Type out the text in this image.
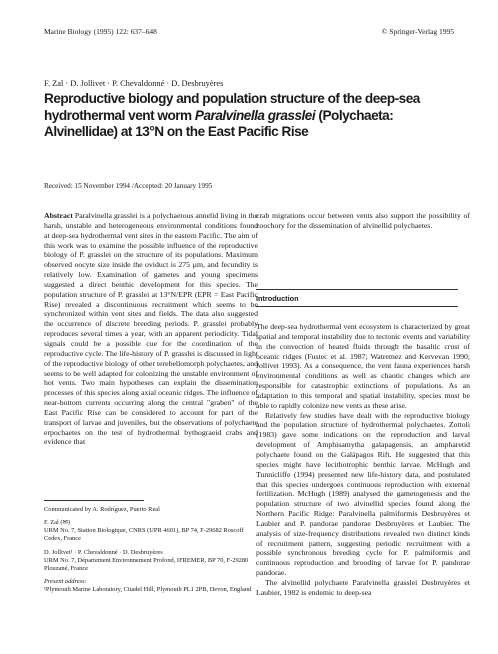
Marine Biology (1995) 122: 637–648	© Springer-Verlag 1995
F. Zal · D. Jollivet · P. Chevaldonné · D. Desbruyères
Reproductive biology and population structure of the deep-sea hydrothermal vent worm Paralvinella grasslei (Polychaeta: Alvinellidae) at 13°N on the East Pacific Rise
Received: 15 November 1994 /Accepted: 20 January 1995

Abstract Paralvinella grasslei is a polychaetous annelid living in the harsh, unstable and heterogeneous environmental conditions found at deep-sea hydrothermal vent sites in the eastern Pacific. The aim of this work was to examine the possible influence of the reproductive biology of P. grasslei on the structure of its populations. Maximum observed oocyte size inside the oviduct is 275 µm, and fecundity is relatively low. Examination of gametes and young specimens suggested a direct benthic development for this species. The population structure of P. grasslei at 13°N/EPR (EPR = East Pacific Rise) revealed a discontinuous recruitment which seems to be synchronized within vent sites and fields. The data also suggested the occurrence of discrete breeding periods. P. grasslei probably reproduces several times a year, with an apparent periodicity. Tidal signals could be a possible cue for the coordination of the reproductive cycle. The life-history of P. grasslei is discussed in light of the reproductive biology of other terebellomorph polychaetes, and seems to be well adapted for colonizing the unstable environment of hot vents. Two main hypotheses can explain the dissemination processes of this species along axial oceanic ridges. The influence of near-bottom currents occurring along the central "graben" of the East Pacific Rise can be considered to account for part of the transport of larvae and juveniles, but the observations of polychaete erpochaetes on the test of hydrothermal bythograeid crabs and evidence that

Communicated by A. Rodríguez, Puerto Real

F. Zal (✉)

URM No. 7, Station Biologique, CNRS (UPR 4601), BP 74, F-29682 Roscoff Cedex, France

D. Jollivet¹ · P. Chevaldonné · D. Desbruyères

URM No. 7, Département Environnement Profond, IFREMER, BP 70, F-29280 Plouzané, France

Present address:

¹Plymouth Marine Laboratory, Citadel Hill, Plymouth PL1 2PB, Devon, England

crab migrations occur between vents also support the possibility of zoochory for the dissemination of alvinellid polychaetes.

Introduction

The deep-sea hydrothermal vent ecosystem is characterized by great spatial and temporal instability due to tectonic events and variability in the convection of heated fluids through the basaltic crust of oceanic ridges (Fustec et al. 1987; Watremez and Kervevan 1990; Jollivet 1993). As a consequence, the vent fauna experiences harsh environmental conditions as well as chaotic changes which are responsible for catastrophic extinctions of populations. As an adaptation to this temporal and spatial instability, species must be able to rapidly colonize new vents as these arise.

Relatively few studies have dealt with the reproductive biology and the population structure of hydrothermal polychaetes. Zottoli (1983) gave some indications on the reproduction and larval development of Amphisamytha galapagensis, an ampharetid polychaete found on the Galápagos Rift. He suggested that this species might have lecithotrophic benthic larvae. McHugh and Tunnicliffe (1994) presented new life-history data, and postulated that this species undergoes continuous reproduction with external fertilization. McHugh (1989) analysed the gametogenesis and the population structure of two alvinellid species found along the Northern Pacific Ridge: Paralvinella palmiformis Desbruyères et Laubier and P. pandorae pandorae Desbruyères et Laubier. The analysis of size-frequency distributions revealed two distinct kinds of recruitment pattern, suggesting periodic recruitment with a possible synchronous breeding cycle for P. palmiformis and continuous reproduction and brooding of larvae for P. pandorae pandorae.

The alvinellid polychaete Paralvinella grasslei Desbruyères et Laubier, 1982 is endemic to deep-sea
